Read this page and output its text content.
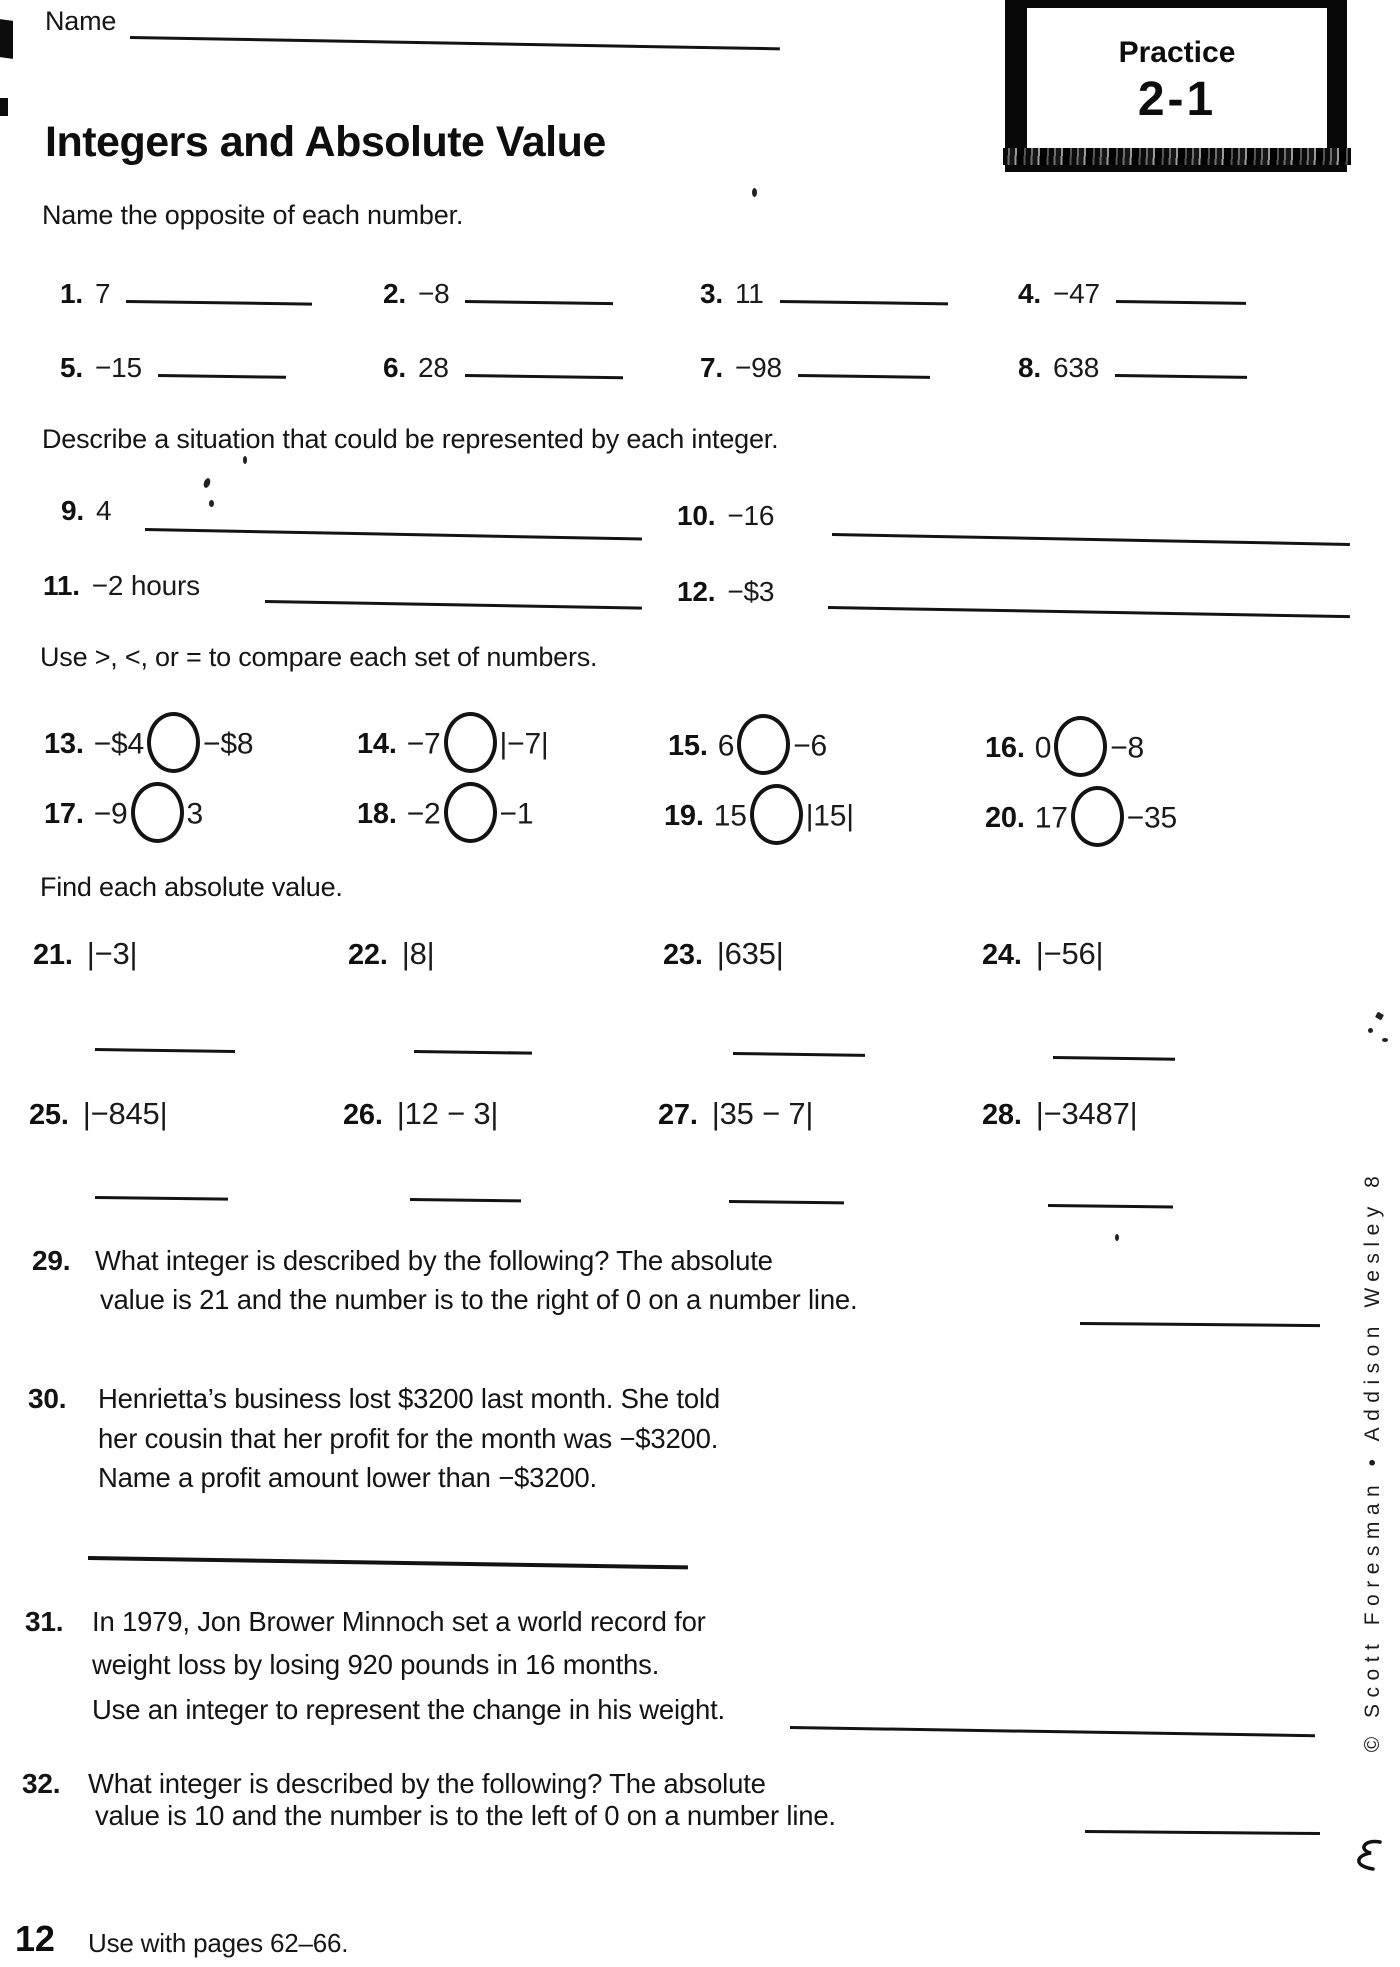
Name
Practice
2-1
Integers and Absolute Value
Name the opposite of each number.
1. 7	2. −8	3. 11	4. −47
5. −15	6. 28	7. −98	8. 638
Describe a situation that could be represented by each integer.
9. 4	10. −16
11. −2 hours	12. −$3
Use >, <, or = to compare each set of numbers.
13. −$4 −$8	14. −7 |−7|	15. 6 −6	16. 0 −8
17. −9 3	18. −2 −1	19. 15 |15|	20. 17 −35
Find each absolute value.
21. |−3|	22. |8|	23. |635|	24. |−56|
25. |−845|	26. |12 − 3|	27. |35 − 7|	28. |−3487|
29. What integer is described by the following? The absolute
value is 21 and the number is to the right of 0 on a number line.
30. Henrietta’s business lost $3200 last month. She told
her cousin that her profit for the month was −$3200.
Name a profit amount lower than −$3200.
31. In 1979, Jon Brower Minnoch set a world record for
weight loss by losing 920 pounds in 16 months.
Use an integer to represent the change in his weight.
32. What integer is described by the following? The absolute
value is 10 and the number is to the left of 0 on a number line.
© Scott Foresman • Addison Wesley 8
12 Use with pages 62–66.
